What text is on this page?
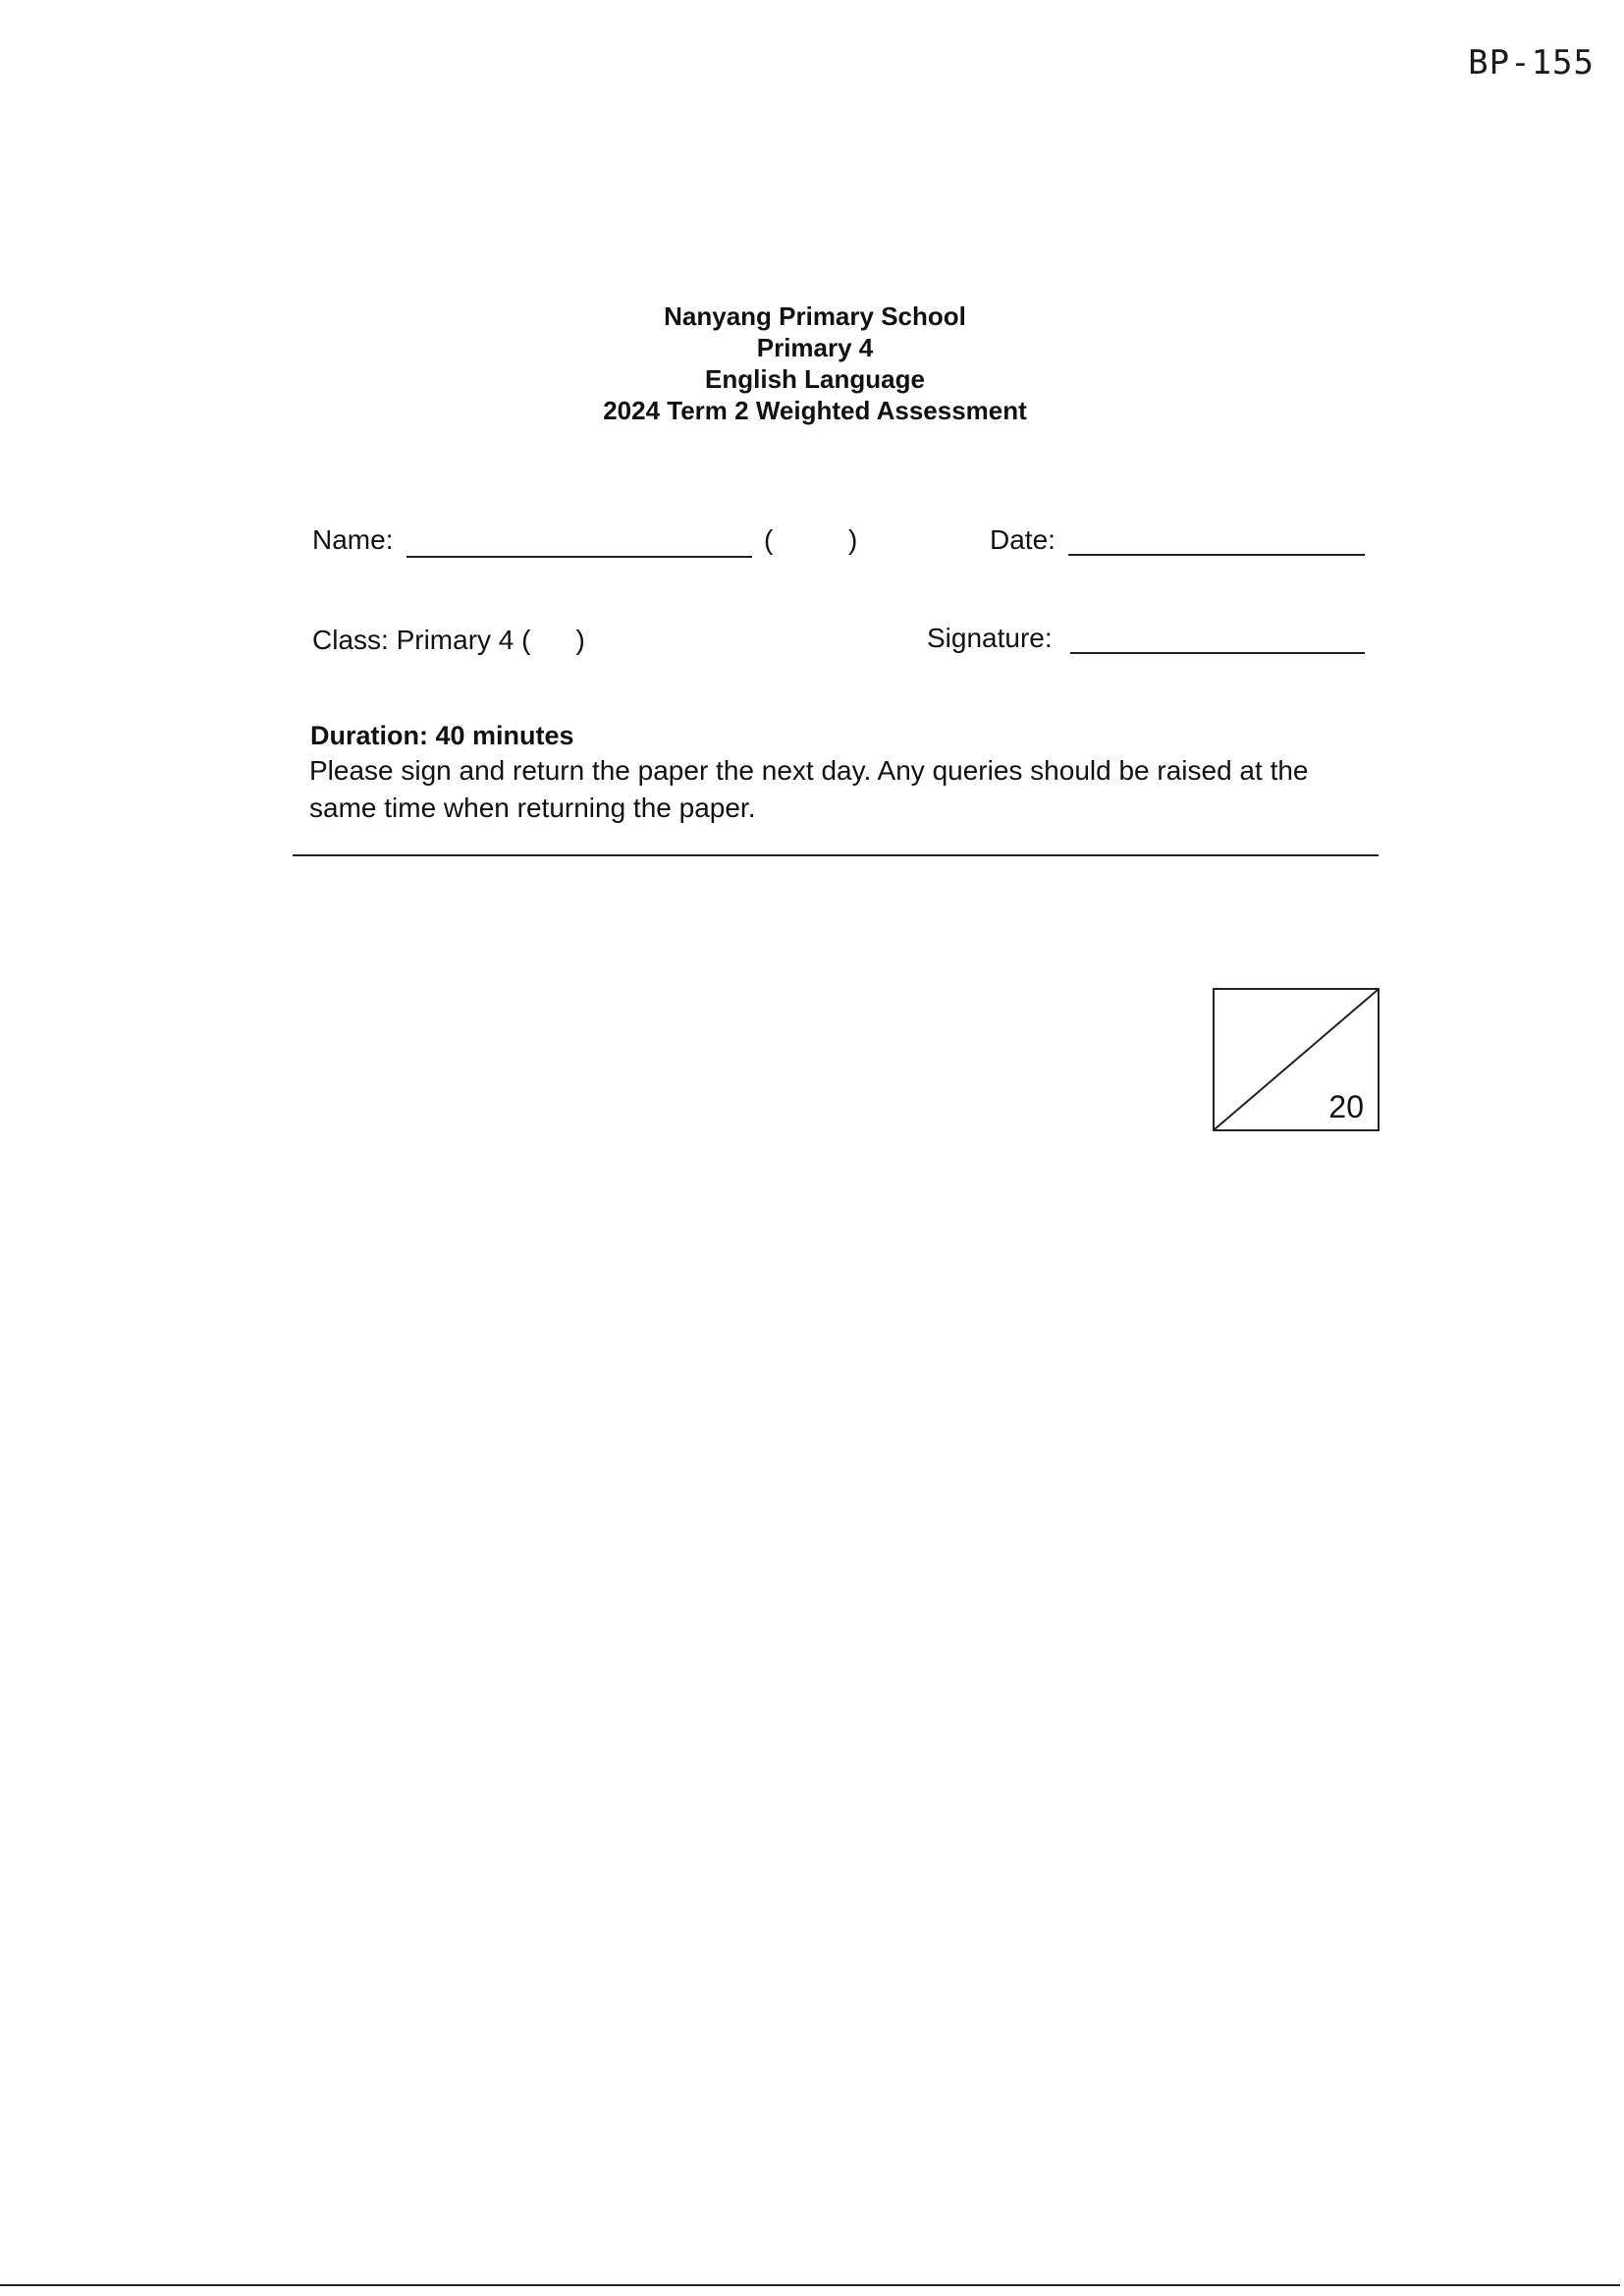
BP-155
Nanyang Primary School
Primary 4
English Language
2024 Term 2 Weighted Assessment
Name:	(	)	Date:
Class: Primary 4 ( )	Signature:
Duration: 40 minutes
Please sign and return the paper the next day. Any queries should be raised at the same time when returning the paper.
20
